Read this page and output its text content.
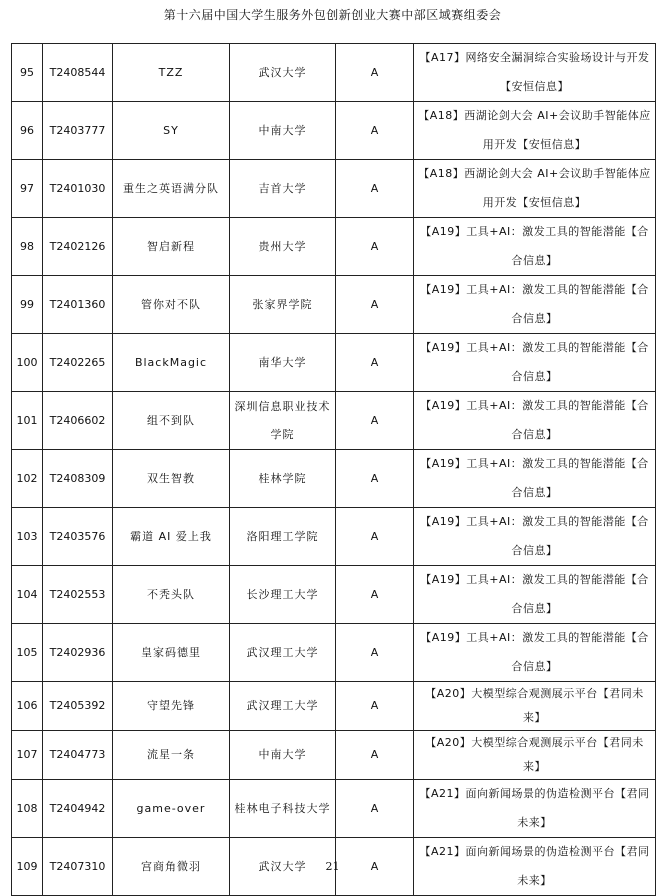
第十六届中国大学生服务外包创新创业大赛中部区域赛组委会
95	T2408544	TZZ	武汉大学	A	【A17】网络安全漏洞综合实验场设计与开发【安恒信息】
96	T2403777	SY	中南大学	A	【A18】西湖论剑大会 AI+会议助手智能体应用开发【安恒信息】
97	T2401030	重生之英语满分队	吉首大学	A	【A18】西湖论剑大会 AI+会议助手智能体应用开发【安恒信息】
98	T2402126	智启新程	贵州大学	A	【A19】工具+AI：激发工具的智能潜能【合合信息】
99	T2401360	管你对不队	张家界学院	A	【A19】工具+AI：激发工具的智能潜能【合合信息】
100	T2402265	BlackMagic	南华大学	A	【A19】工具+AI：激发工具的智能潜能【合合信息】
101	T2406602	组不到队	深圳信息职业技术学院	A	【A19】工具+AI：激发工具的智能潜能【合合信息】
102	T2408309	双生智教	桂林学院	A	【A19】工具+AI：激发工具的智能潜能【合合信息】
103	T2403576	霸道 AI 爱上我	洛阳理工学院	A	【A19】工具+AI：激发工具的智能潜能【合合信息】
104	T2402553	不秃头队	长沙理工大学	A	【A19】工具+AI：激发工具的智能潜能【合合信息】
105	T2402936	皇家码德里	武汉理工大学	A	【A19】工具+AI：激发工具的智能潜能【合合信息】
106	T2405392	守望先锋	武汉理工大学	A	【A20】大模型综合观测展示平台【君同未来】
107	T2404773	流星一条	中南大学	A	【A20】大模型综合观测展示平台【君同未来】
108	T2404942	game-over	桂林电子科技大学	A	【A21】面向新闻场景的伪造检测平台【君同未来】
109	T2407310	宫商角微羽	武汉大学	A	【A21】面向新闻场景的伪造检测平台【君同未来】
21
